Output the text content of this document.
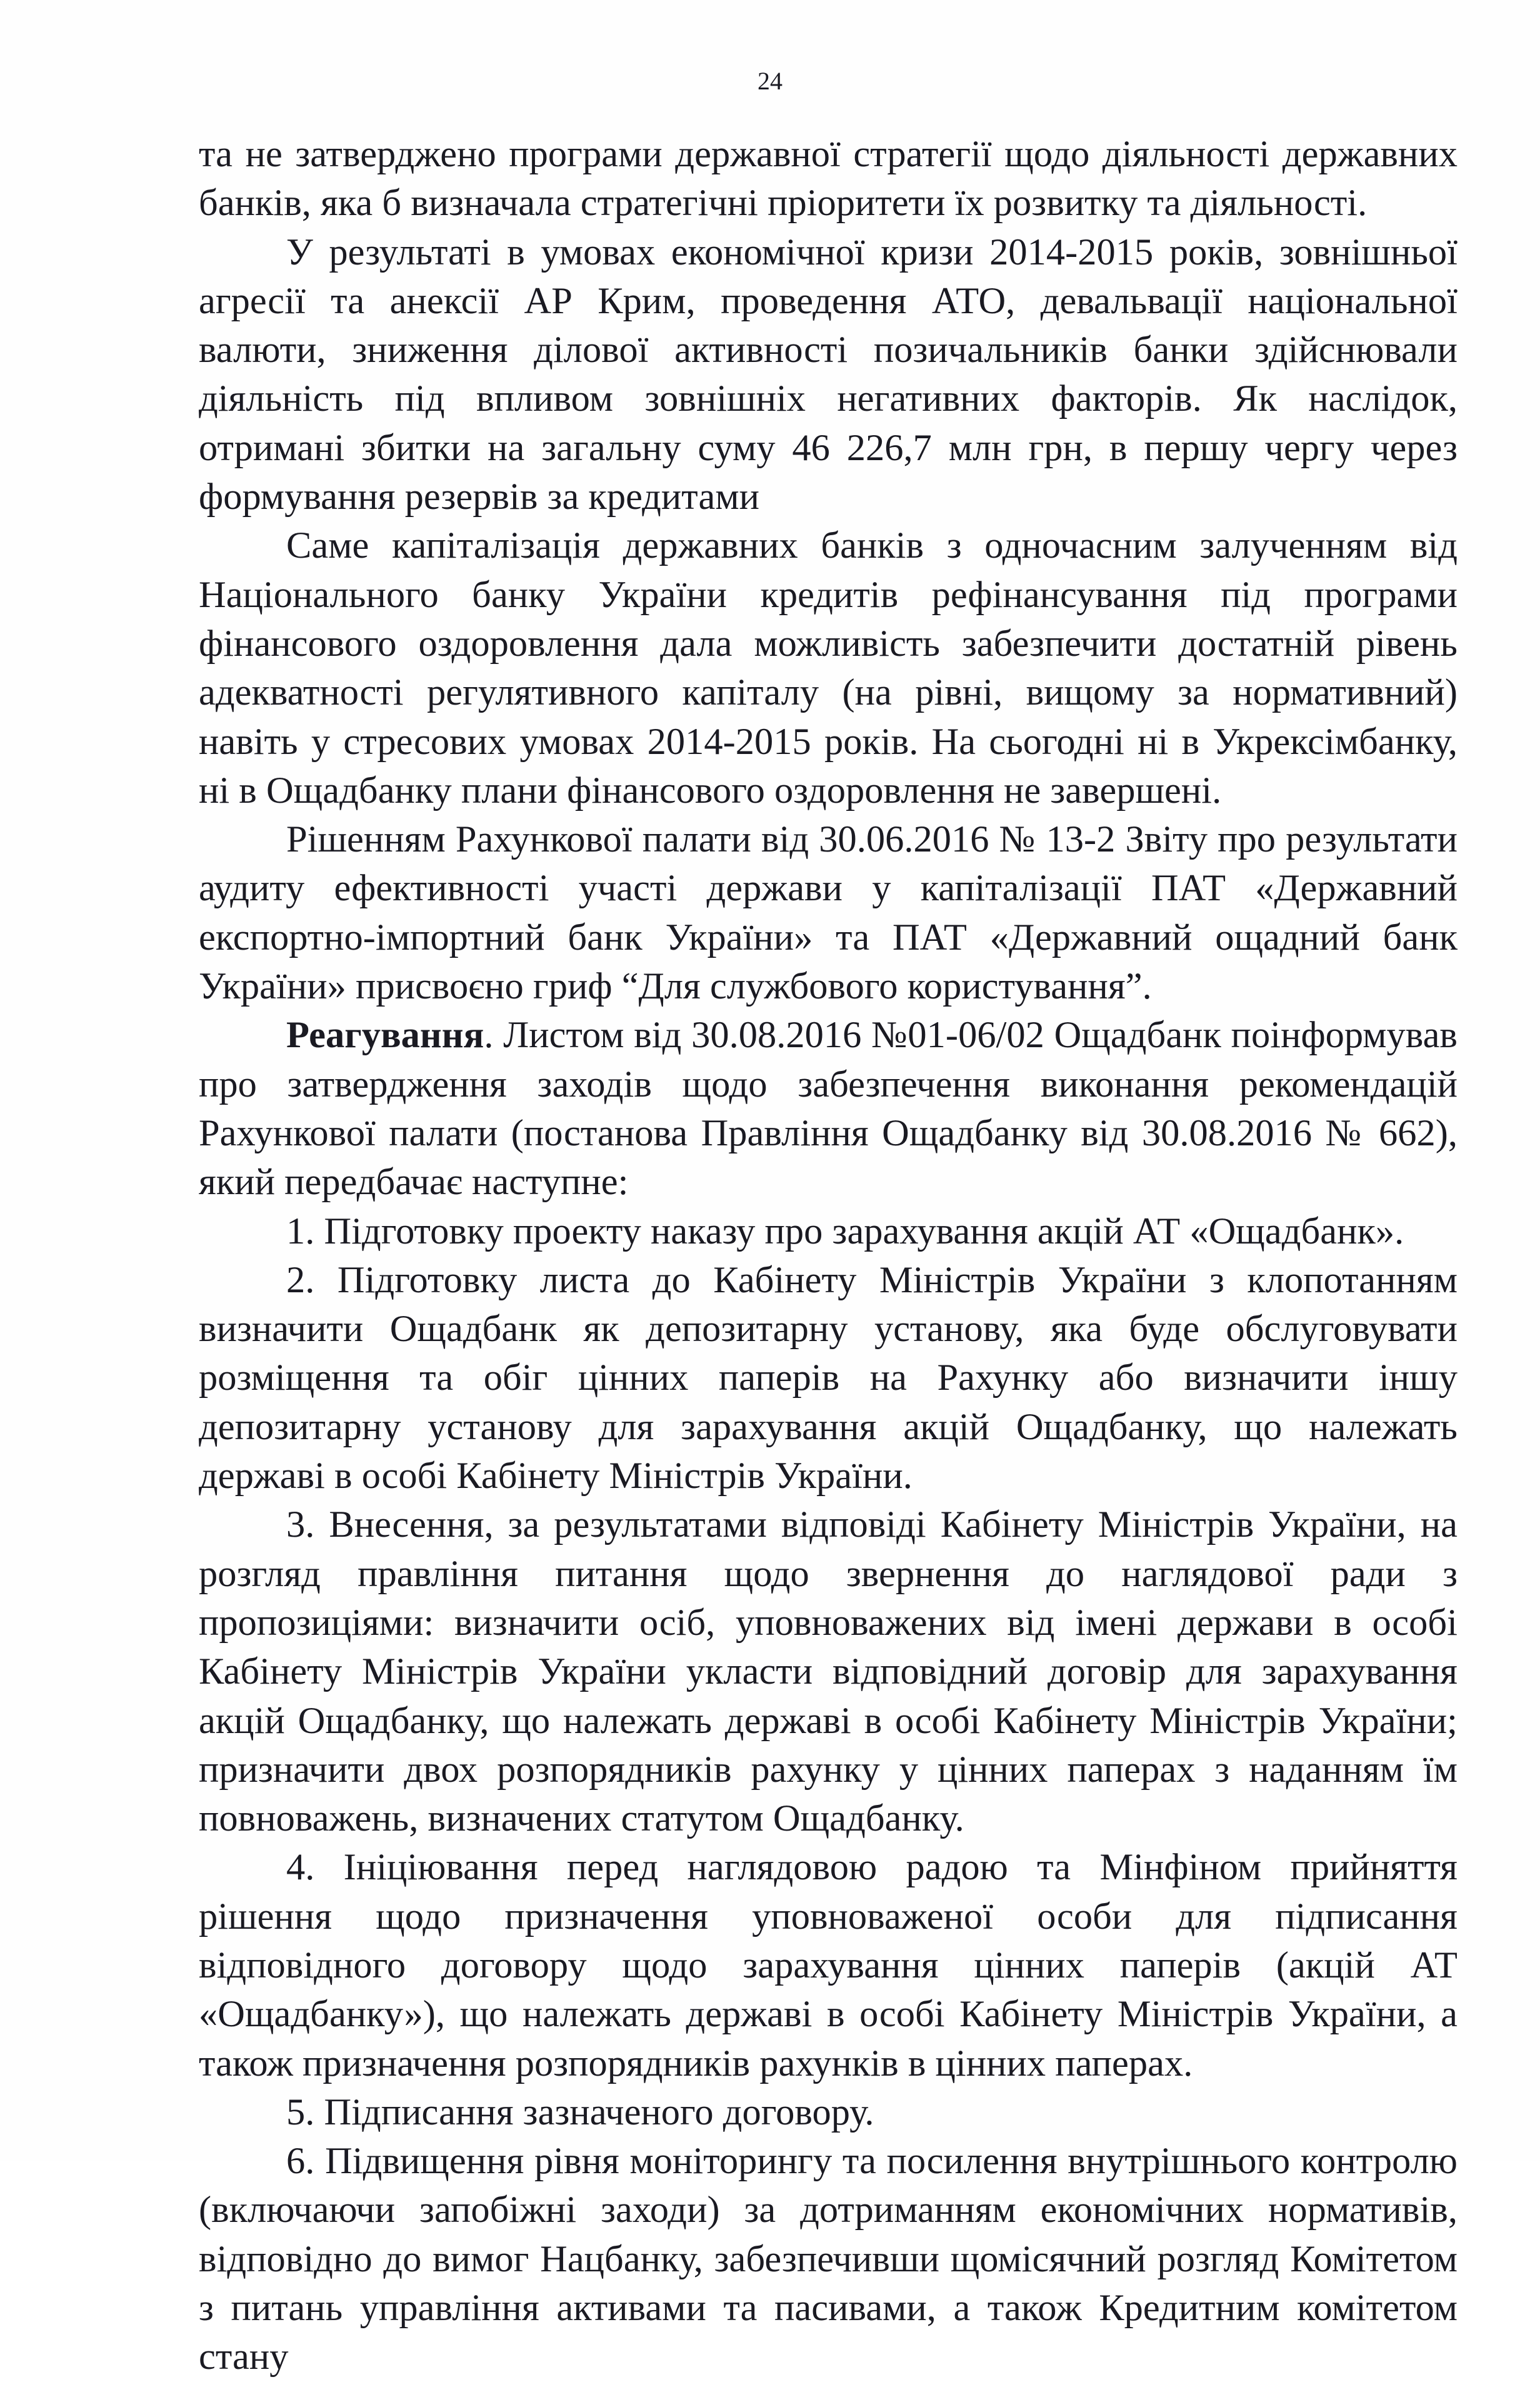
24

та не затверджено програми державної стратегії щодо діяльності державних банків, яка б визначала стратегічні пріоритети їх розвитку та діяльності.

У результаті в умовах економічної кризи 2014-2015 років, зовнішньої агресії та анексії АР Крим, проведення АТО, девальвації національної валюти, зниження ділової активності позичальників банки здійснювали діяльність під впливом зовнішніх негативних факторів. Як наслідок, отримані збитки на загальну суму 46 226,7 млн грн, в першу чергу через формування резервів за кредитами

Саме капіталізація державних банків з одночасним залученням від Національного банку України кредитів рефінансування під програми фінансового оздоровлення дала можливість забезпечити достатній рівень адекватності регулятивного капіталу (на рівні, вищому за нормативний) навіть у стресових умовах 2014-2015 років. На сьогодні ні в Укрексімбанку, ні в Ощадбанку плани фінансового оздоровлення не завершені.

Рішенням Рахункової палати від 30.06.2016 № 13-2 Звіту про результати аудиту ефективності участі держави у капіталізації ПАТ «Державний експортно-імпортний банк України» та ПАТ «Державний ощадний банк України» присвоєно гриф “Для службового користування”.

Реагування. Листом від 30.08.2016 №01-06/02 Ощадбанк поінформував про затвердження заходів щодо забезпечення виконання рекомендацій Рахункової палати (постанова Правління Ощадбанку від 30.08.2016 № 662), який передбачає наступне:

1. Підготовку проекту наказу про зарахування акцій АТ «Ощадбанк».

2. Підготовку листа до Кабінету Міністрів України з клопотанням визначити Ощадбанк як депозитарну установу, яка буде обслуговувати розміщення та обіг цінних паперів на Рахунку або визначити іншу депозитарну установу для зарахування акцій Ощадбанку, що належать державі в особі Кабінету Міністрів України.

3. Внесення, за результатами відповіді Кабінету Міністрів України, на розгляд правління питання щодо звернення до наглядової ради з пропозиціями: визначити осіб, уповноважених від імені держави в особі Кабінету Міністрів України укласти відповідний договір для зарахування акцій Ощадбанку, що належать державі в особі Кабінету Міністрів України; призначити двох розпорядників рахунку у цінних паперах з наданням їм повноважень, визначених статутом Ощадбанку.

4. Ініціювання перед наглядовою радою та Мінфіном прийняття рішення щодо призначення уповноваженої особи для підписання відповідного договору щодо зарахування цінних паперів (акцій АТ «Ощадбанку»), що належать державі в особі Кабінету Міністрів України, а також призначення розпорядників рахунків в цінних паперах.

5. Підписання зазначеного договору.

6. Підвищення рівня моніторингу та посилення внутрішнього контролю (включаючи запобіжні заходи) за дотриманням економічних нормативів, відповідно до вимог Нацбанку, забезпечивши щомісячний розгляд Комітетом з питань управління активами та пасивами, а також Кредитним комітетом стану
